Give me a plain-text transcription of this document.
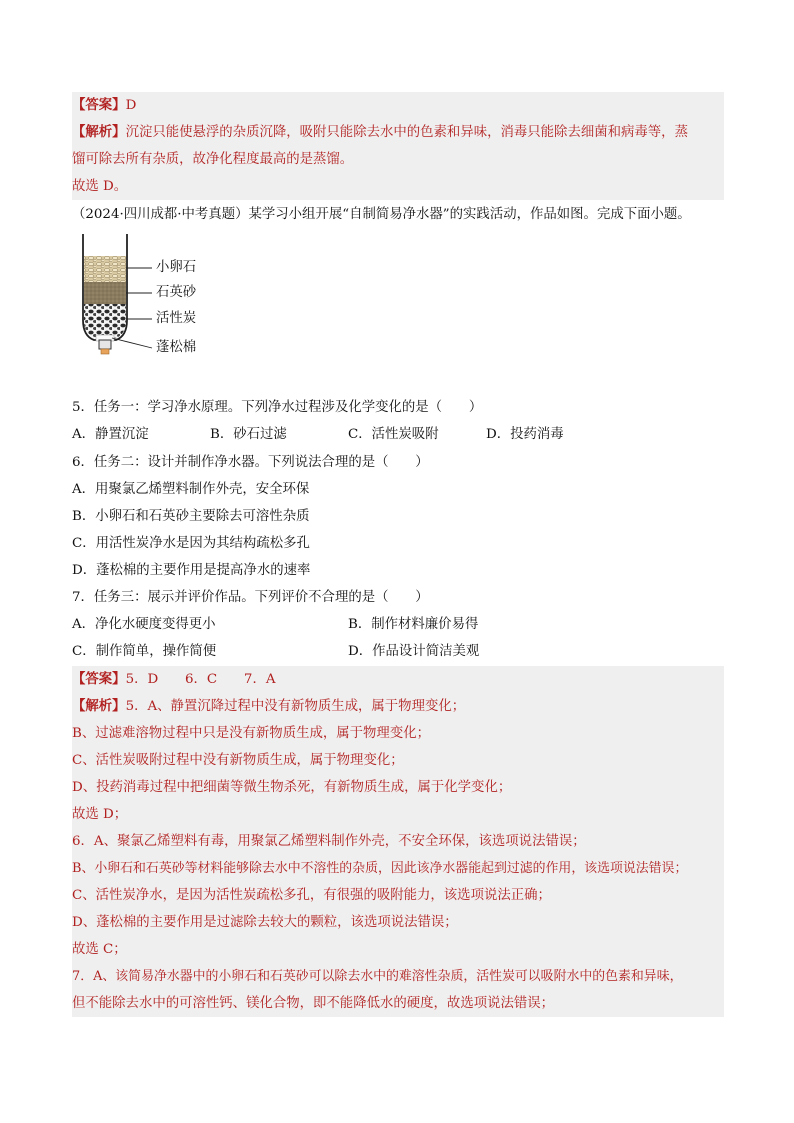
【答案】D
【解析】沉淀只能使悬浮的杂质沉降，吸附只能除去水中的色素和异味，消毒只能除去细菌和病毒等，蒸
馏可除去所有杂质，故净化程度最高的是蒸馏。
故选 D。
（2024·四川成都·中考真题）某学习小组开展“自制简易净水器”的实践活动，作品如图。完成下面小题。
小卵石
石英砂
活性炭
蓬松棉
5．任务一：学习净水原理。下列净水过程涉及化学变化的是（　　）
A．静置沉淀	B．砂石过滤	C．活性炭吸附	D．投药消毒
6．任务二：设计并制作净水器。下列说法合理的是（　　）
A．用聚氯乙烯塑料制作外壳，安全环保
B．小卵石和石英砂主要除去可溶性杂质
C．用活性炭净水是因为其结构疏松多孔
D．蓬松棉的主要作用是提高净水的速率
7．任务三：展示并评价作品。下列评价不合理的是（　　）
A．净化水硬度变得更小	B．制作材料廉价易得
C．制作简单，操作简便	D．作品设计简洁美观
【答案】5．D　　6．C　　7．A
【解析】5．A、静置沉降过程中没有新物质生成，属于物理变化；
B、过滤难溶物过程中只是没有新物质生成，属于物理变化；
C、活性炭吸附过程中没有新物质生成，属于物理变化；
D、投药消毒过程中把细菌等微生物杀死，有新物质生成，属于化学变化；
故选 D；
6．A、聚氯乙烯塑料有毒，用聚氯乙烯塑料制作外壳，不安全环保，该选项说法错误；
B、小卵石和石英砂等材料能够除去水中不溶性的杂质，因此该净水器能起到过滤的作用，该选项说法错误；
C、活性炭净水，是因为活性炭疏松多孔，有很强的吸附能力，该选项说法正确；
D、蓬松棉的主要作用是过滤除去较大的颗粒，该选项说法错误；
故选 C；
7．A、该简易净水器中的小卵石和石英砂可以除去水中的难溶性杂质，活性炭可以吸附水中的色素和异味，
但不能除去水中的可溶性钙、镁化合物，即不能降低水的硬度，故选项说法错误；
